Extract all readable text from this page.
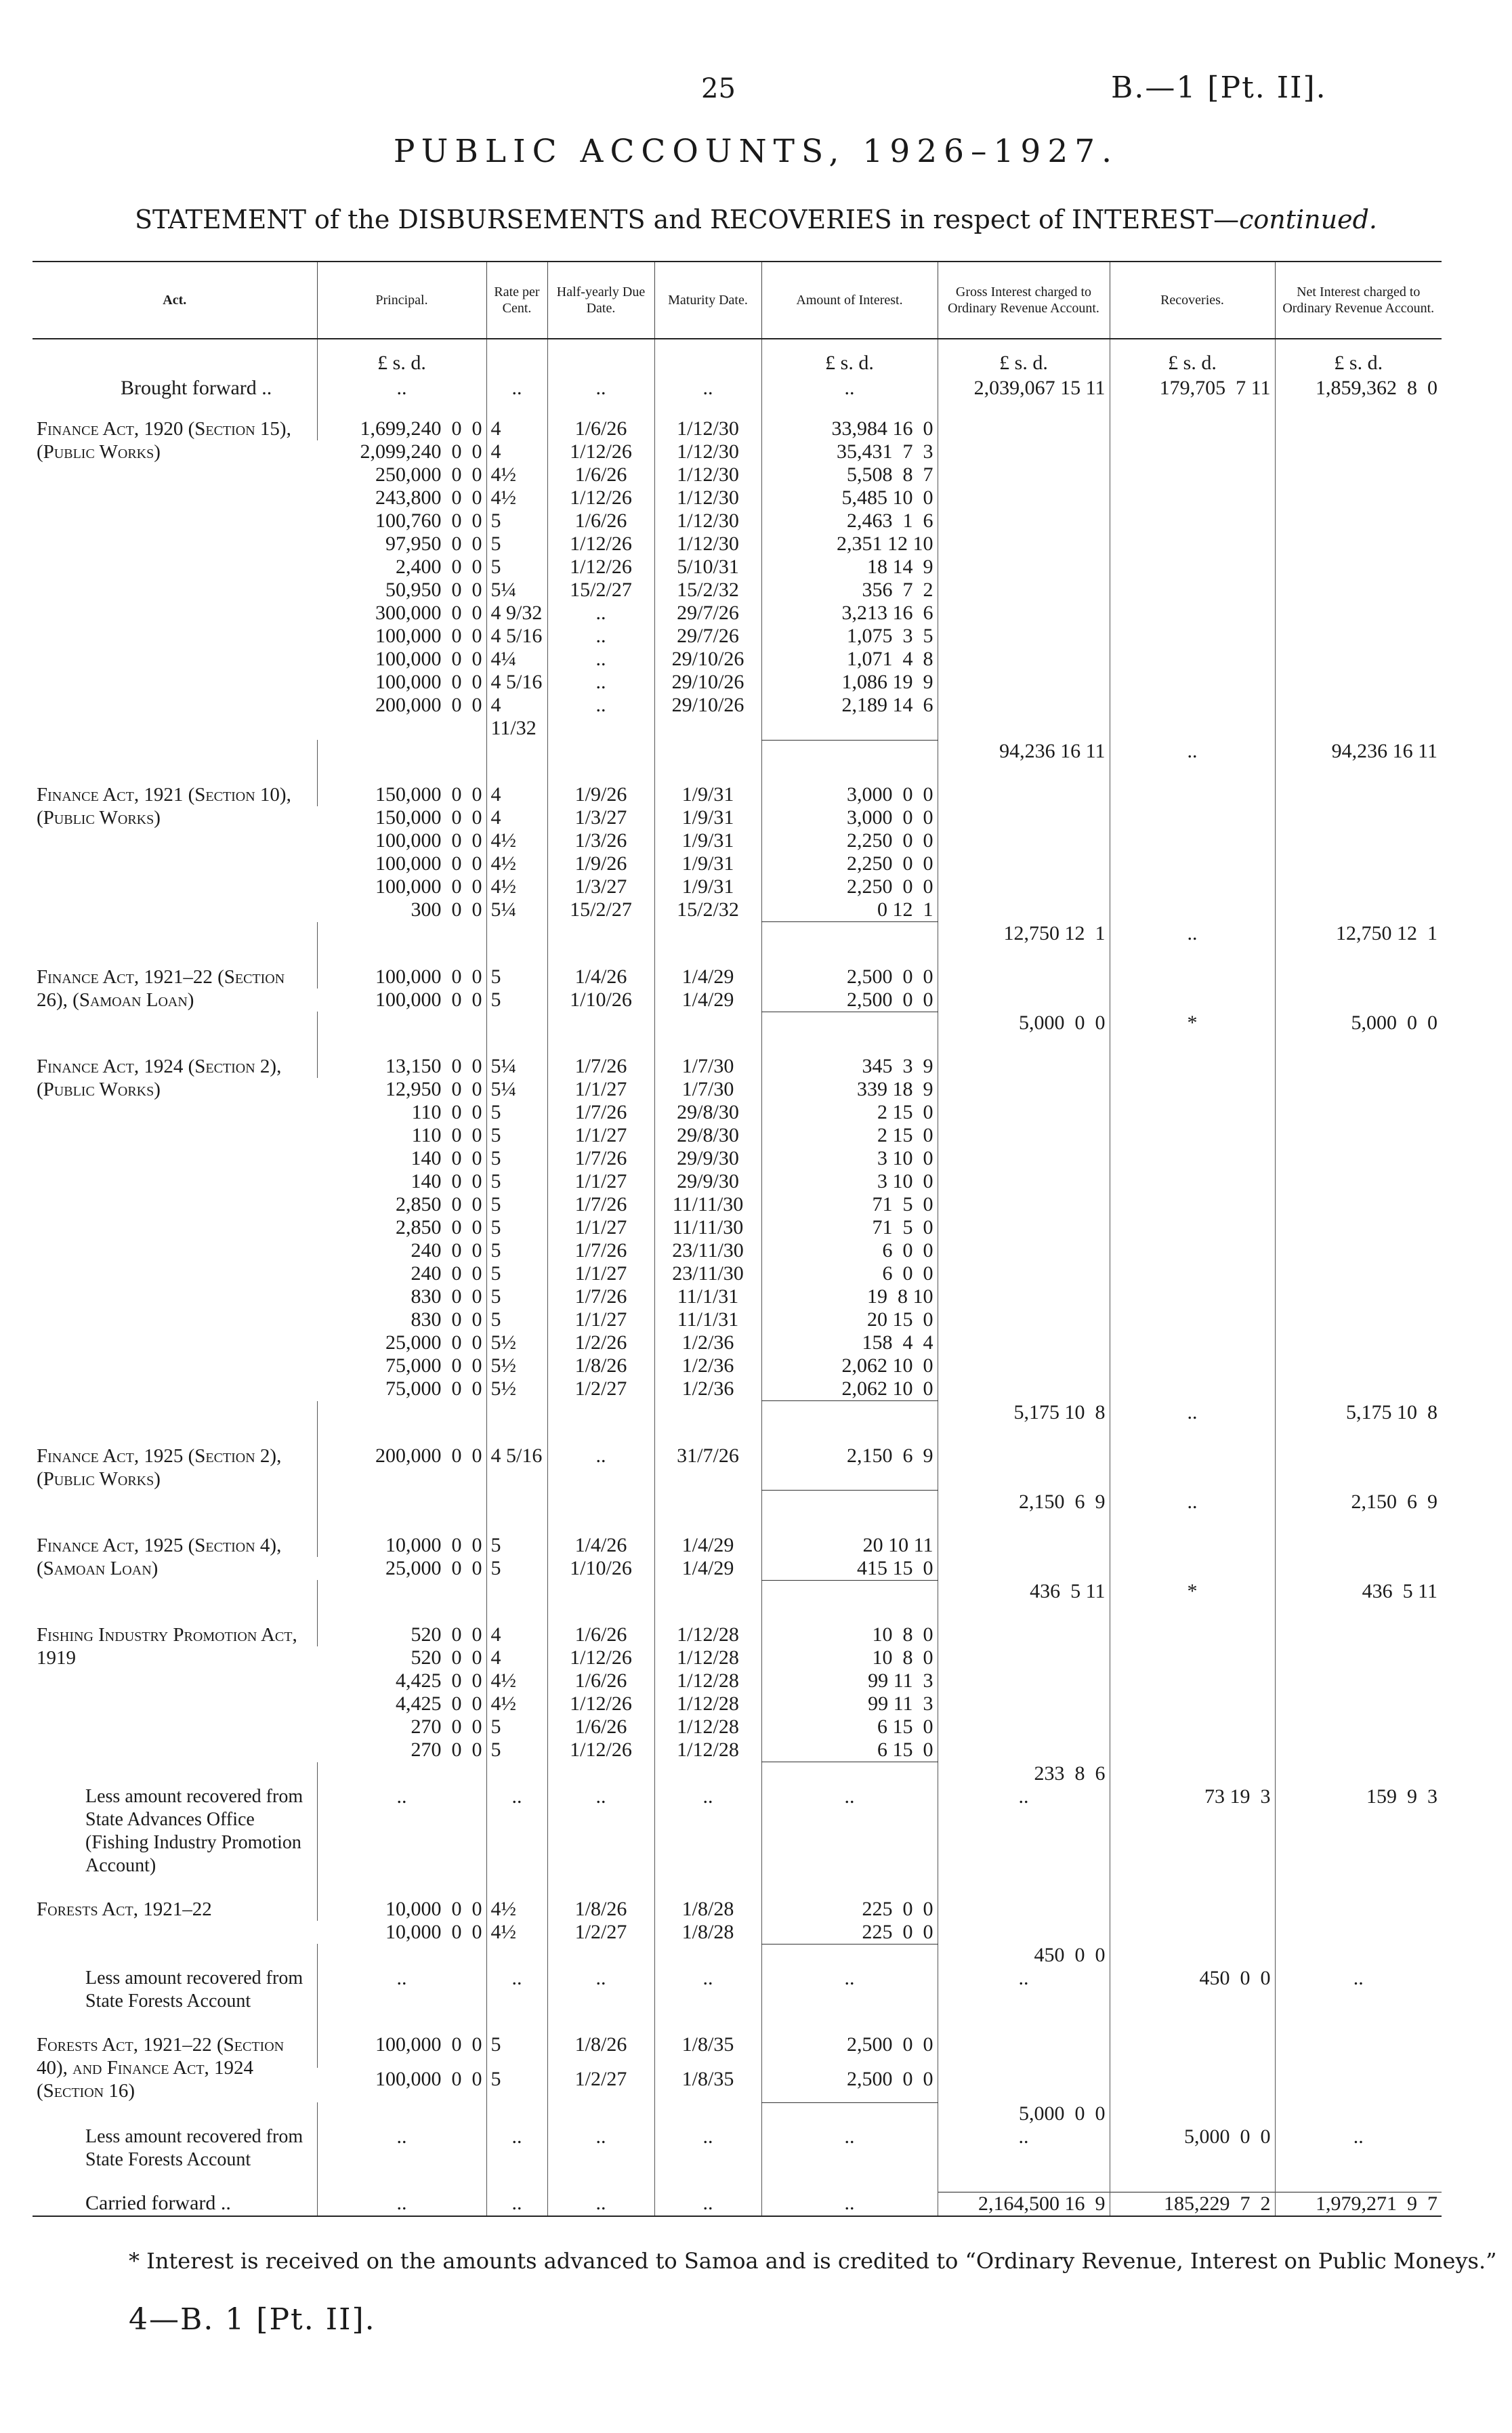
25	B.—1 [Pt. II].
PUBLIC ACCOUNTS, 1926–1927.
STATEMENT of the DISBURSEMENTS and RECOVERIES in respect of INTEREST—continued.
Act.	Principal.	Rate per Cent.	Half-yearly Due Date.	Maturity Date.	Amount of Interest.	Gross Interest charged to Ordinary Revenue Account.	Recoveries.	Net Interest charged to Ordinary Revenue Account.
	£ s. d.				£ s. d.	£ s. d.	£ s. d.	£ s. d.
Brought forward ..	..	..	..	..	..	2,039,067 15 11	179,705  7 11	1,859,362  8  0

Finance Act, 1920 (Section 15), (Public Works)	1,699,240  0  0	4	1/6/26	1/12/30	33,984 16  0			
	2,099,240  0  0	4	1/12/26	1/12/30	35,431  7  3			
	250,000  0  0	4½	1/6/26	1/12/30	5,508  8  7			
	243,800  0  0	4½	1/12/26	1/12/30	5,485 10  0			
	100,760  0  0	5	1/6/26	1/12/30	2,463  1  6			
	97,950  0  0	5	1/12/26	1/12/30	2,351 12 10			
	2,400  0  0	5	1/12/26	5/10/31	18 14  9			
	50,950  0  0	5¼	15/2/27	15/2/32	356  7  2			
	300,000  0  0	4 9/32	..	29/7/26	3,213 16  6			
	100,000  0  0	4 5/16	..	29/7/26	1,075  3  5			
	100,000  0  0	4¼	..	29/10/26	1,071  4  8			
	100,000  0  0	4 5/16	..	29/10/26	1,086 19  9			
	200,000  0  0	4 11/32	..	29/10/26	2,189 14  6			
						94,236 16 11	..	94,236 16 11

Finance Act, 1921 (Section 10), (Public Works)	150,000  0  0	4	1/9/26	1/9/31	3,000  0  0			
	150,000  0  0	4	1/3/27	1/9/31	3,000  0  0			
	100,000  0  0	4½	1/3/26	1/9/31	2,250  0  0			
	100,000  0  0	4½	1/9/26	1/9/31	2,250  0  0			
	100,000  0  0	4½	1/3/27	1/9/31	2,250  0  0			
	300  0  0	5¼	15/2/27	15/2/32	0 12  1			
						12,750 12  1	..	12,750 12  1

Finance Act, 1921–22 (Section 26), (Samoan Loan)	100,000  0  0	5	1/4/26	1/4/29	2,500  0  0			
	100,000  0  0	5	1/10/26	1/4/29	2,500  0  0			
						5,000  0  0	*	5,000  0  0

Finance Act, 1924 (Section 2), (Public Works)	13,150  0  0	5¼	1/7/26	1/7/30	345  3  9			
	12,950  0  0	5¼	1/1/27	1/7/30	339 18  9			
	110  0  0	5	1/7/26	29/8/30	2 15  0			
	110  0  0	5	1/1/27	29/8/30	2 15  0			
	140  0  0	5	1/7/26	29/9/30	3 10  0			
	140  0  0	5	1/1/27	29/9/30	3 10  0			
	2,850  0  0	5	1/7/26	11/11/30	71  5  0			
	2,850  0  0	5	1/1/27	11/11/30	71  5  0			
	240  0  0	5	1/7/26	23/11/30	6  0  0			
	240  0  0	5	1/1/27	23/11/30	6  0  0			
	830  0  0	5	1/7/26	11/1/31	19  8 10			
	830  0  0	5	1/1/27	11/1/31	20 15  0			
	25,000  0  0	5½	1/2/26	1/2/36	158  4  4			
	75,000  0  0	5½	1/8/26	1/2/36	2,062 10  0			
	75,000  0  0	5½	1/2/27	1/2/36	2,062 10  0			
						5,175 10  8	..	5,175 10  8

Finance Act, 1925 (Section 2), (Public Works)	200,000  0  0	4 5/16	..	31/7/26	2,150  6  9			
						2,150  6  9	..	2,150  6  9

Finance Act, 1925 (Section 4), (Samoan Loan)	10,000  0  0	5	1/4/26	1/4/29	20 10 11			
	25,000  0  0	5	1/10/26	1/4/29	415 15  0			
						436  5 11	*	436  5 11

Fishing Industry Promotion Act, 1919	520  0  0	4	1/6/26	1/12/28	10  8  0			
	520  0  0	4	1/12/26	1/12/28	10  8  0			
	4,425  0  0	4½	1/6/26	1/12/28	99 11  3			
	4,425  0  0	4½	1/12/26	1/12/28	99 11  3			
	270  0  0	5	1/6/26	1/12/28	6 15  0			
	270  0  0	5	1/12/26	1/12/28	6 15  0			
						233  8  6		
Less amount recovered from State Advances Office (Fishing Industry Promotion Account)	..	..	..	..	..	..	73 19  3	159  9  3

Forests Act, 1921–22	10,000  0  0	4½	1/8/26	1/8/28	225  0  0			
	10,000  0  0	4½	1/2/27	1/8/28	225  0  0			
						450  0  0		
Less amount recovered from State Forests Account	..	..	..	..	..	..	450  0  0	..

Forests Act, 1921–22 (Section 40), and Finance Act, 1924 (Section 16)	100,000  0  0	5	1/8/26	1/8/35	2,500  0  0			
	100,000  0  0	5	1/2/27	1/8/35	2,500  0  0			
						5,000  0  0		
Less amount recovered from State Forests Account	..	..	..	..	..	..	5,000  0  0	..

Carried forward ..	..	..	..	..	..	2,164,500 16  9	185,229  7  2	1,979,271  9  7
* Interest is received on the amounts advanced to Samoa and is credited to “Ordinary Revenue, Interest on Public Moneys.”
4—B. 1 [Pt. II].
